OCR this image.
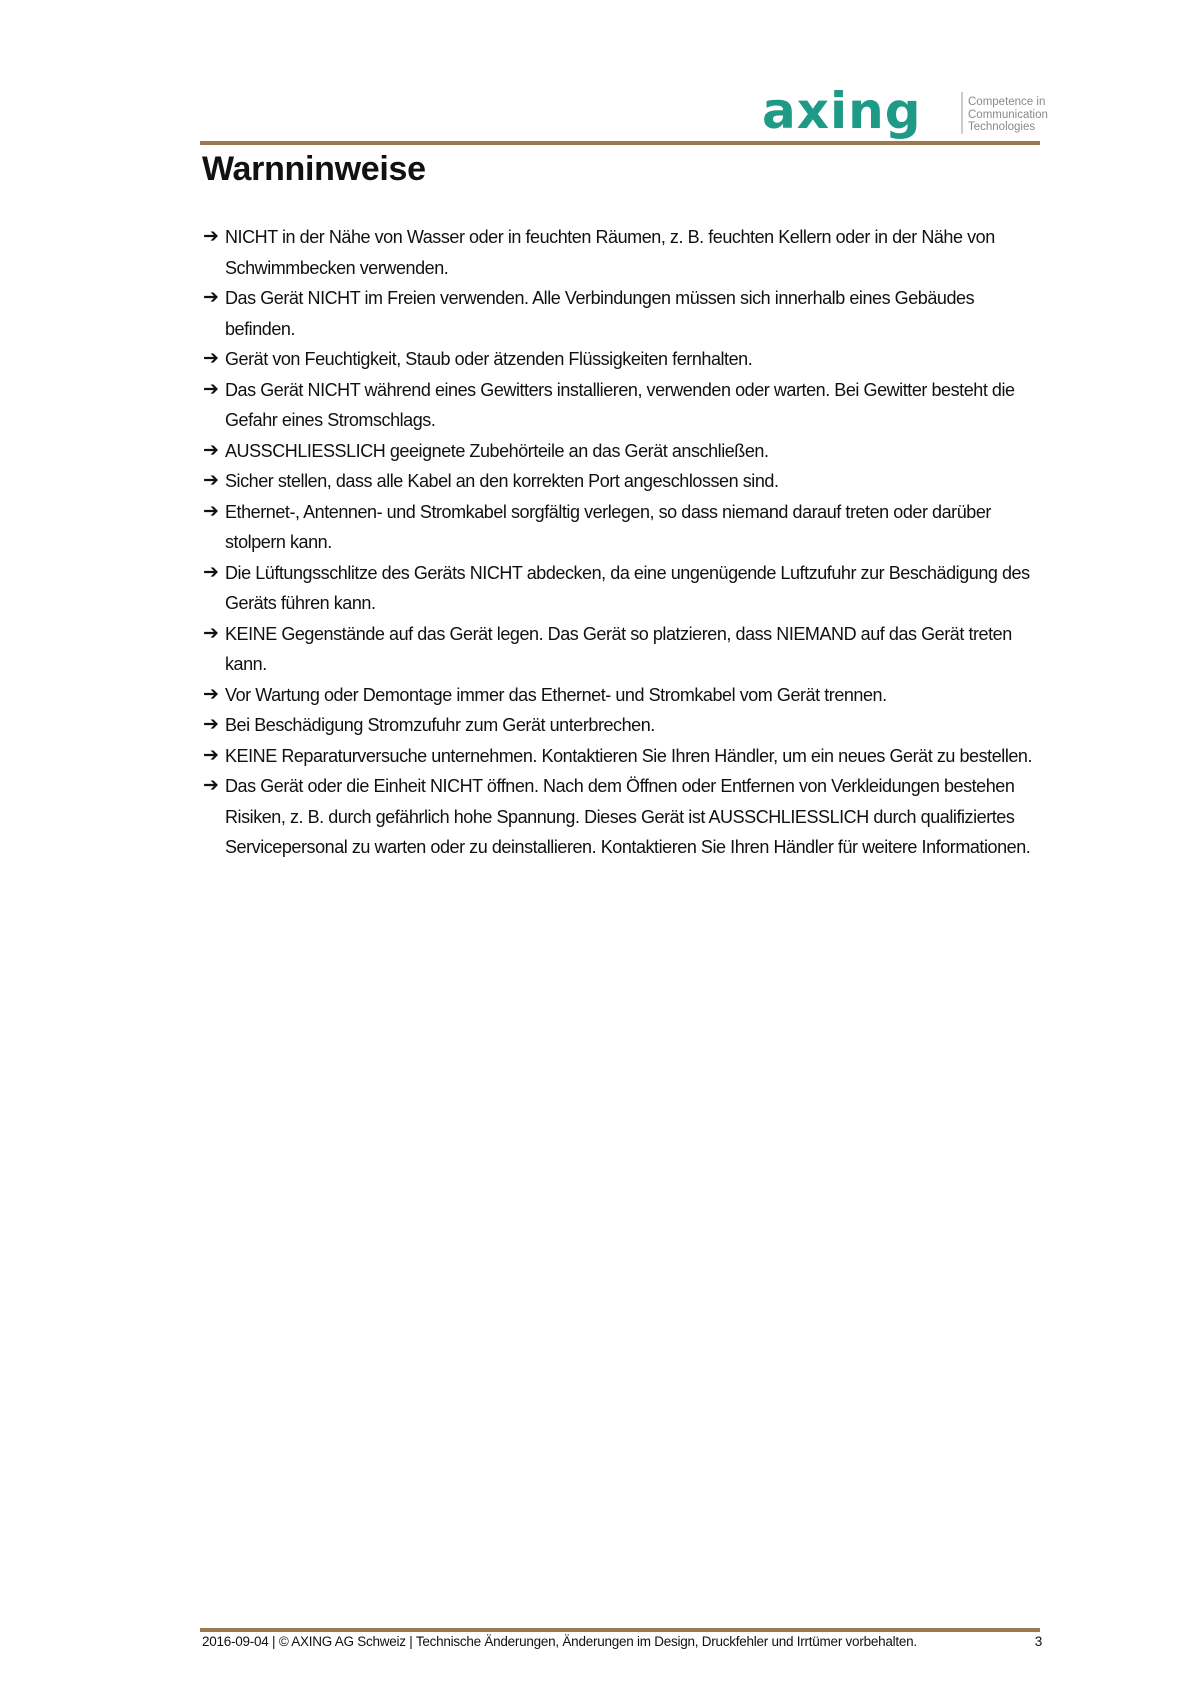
axing	Competence in
Communication
Technologies
Warnninweise
➔ NICHT in der Nähe von Wasser oder in feuchten Räumen, z. B. feuchten Kellern oder in der Nähe von Schwimmbecken verwenden.
➔ Das Gerät NICHT im Freien verwenden. Alle Verbindungen müssen sich innerhalb eines Gebäudes befinden.
➔ Gerät von Feuchtigkeit, Staub oder ätzenden Flüssigkeiten fernhalten.
➔ Das Gerät NICHT während eines Gewitters installieren, verwenden oder warten. Bei Gewitter besteht die Gefahr eines Stromschlags.
➔ AUSSCHLIESSLICH geeignete Zubehörteile an das Gerät anschließen.
➔ Sicher stellen, dass alle Kabel an den korrekten Port angeschlossen sind.
➔ Ethernet-, Antennen- und Stromkabel sorgfältig verlegen, so dass niemand darauf treten oder darüber stolpern kann.
➔ Die Lüftungsschlitze des Geräts NICHT abdecken, da eine ungenügende Luftzufuhr zur Beschädigung des Geräts führen kann.
➔ KEINE Gegenstände auf das Gerät legen. Das Gerät so platzieren, dass NIEMAND auf das Gerät treten kann.
➔ Vor Wartung oder Demontage immer das Ethernet- und Stromkabel vom Gerät trennen.
➔ Bei Beschädigung Stromzufuhr zum Gerät unterbrechen.
➔ KEINE Reparaturversuche unternehmen. Kontaktieren Sie Ihren Händler, um ein neues Gerät zu bestellen.
➔ Das Gerät oder die Einheit NICHT öffnen. Nach dem Öffnen oder Entfernen von Verkleidungen bestehen Risiken, z. B. durch gefährlich hohe Spannung. Dieses Gerät ist AUSSCHLIESSLICH durch qualifiziertes Servicepersonal zu warten oder zu deinstallieren. Kontaktieren Sie Ihren Händler für weitere Informationen.
2016-09-04 | © AXING AG Schweiz | Technische Änderungen, Änderungen im Design, Druckfehler und Irrtümer vorbehalten.	3
